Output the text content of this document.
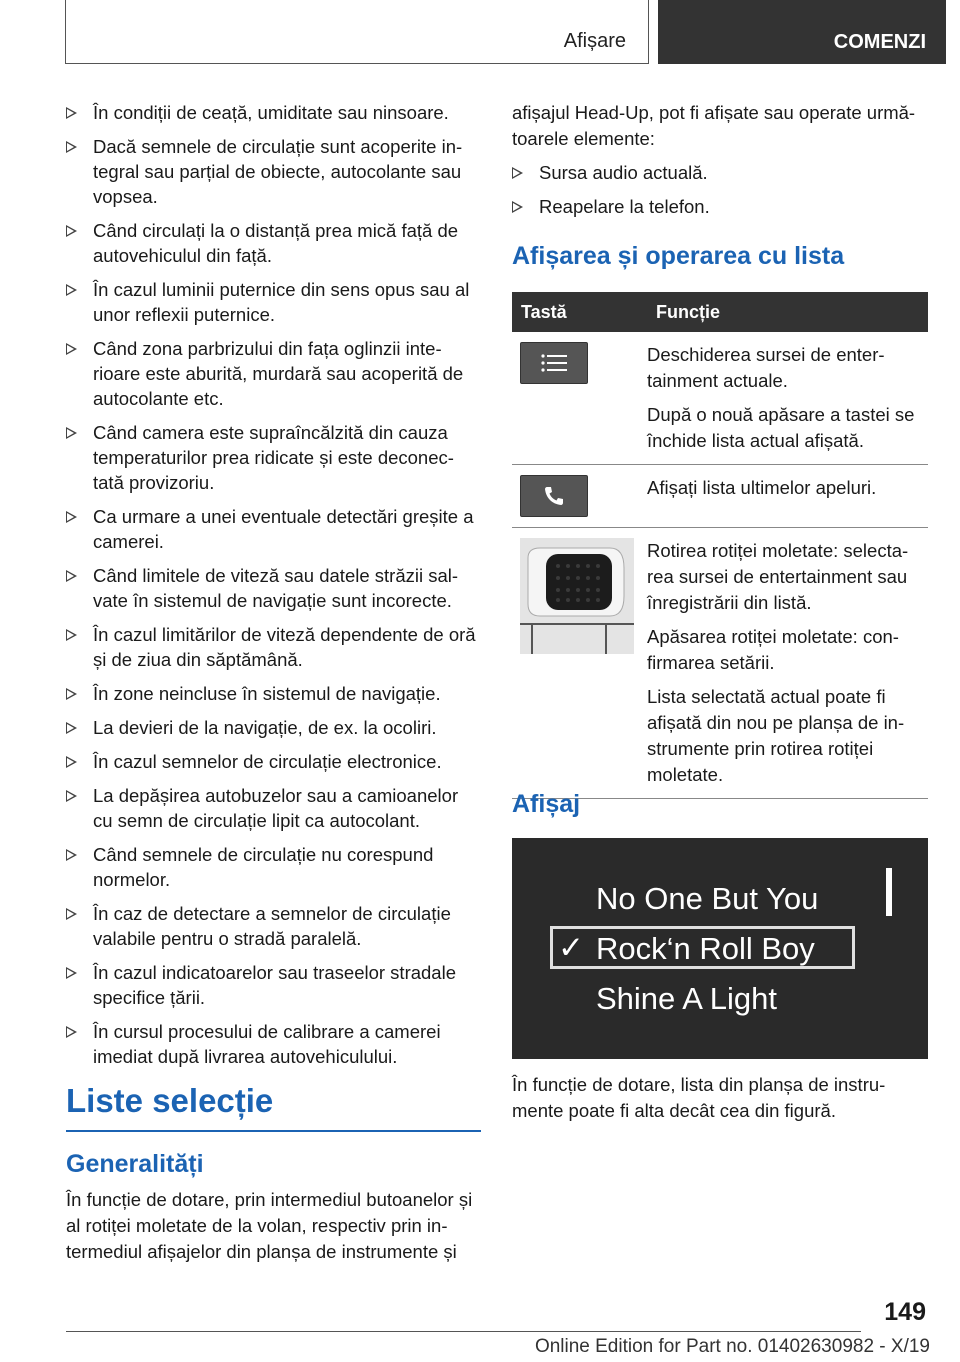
Afișare	COMENZI
În condiții de ceață, umiditate sau ninsoare.
Dacă semnele de circulație sunt acoperite in‐tegral sau parțial de obiecte, autocolante sau vopsea.
Când circulați la o distanță prea mică față de autovehiculul din față.
În cazul luminii puternice din sens opus sau al unor reflexii puternice.
Când zona parbrizului din fața oglinzii inte‐rioare este aburită, murdară sau acoperită de autocolante etc.
Când camera este supraîncălzită din cauza temperaturilor prea ridicate și este deconec‐tată provizoriu.
Ca urmare a unei eventuale detectări greșite a camerei.
Când limitele de viteză sau datele străzii sal‐vate în sistemul de navigație sunt incorecte.
În cazul limitărilor de viteză dependente de oră și de ziua din săptămână.
În zone neincluse în sistemul de navigație.
La devieri de la navigație, de ex. la ocoliri.
În cazul semnelor de circulație electronice.
La depășirea autobuzelor sau a camioanelor cu semn de circulație lipit ca autocolant.
Când semnele de circulație nu corespund normelor.
În caz de detectare a semnelor de circulație valabile pentru o stradă paralelă.
În cazul indicatoarelor sau traseelor stradale specifice țării.
În cursul procesului de calibrare a camerei imediat după livrarea autovehiculului.
Liste selecție
Generalități
În funcție de dotare, prin intermediul butoanelor și al rotiței moletate de la volan, respectiv prin in‐termediul afișajelor din planșa de instrumente și

afișajul Head-Up, pot fi afișate sau operate urmă‐toarele elemente:

Sursa audio actuală.
Reapelare la telefon.
Afișarea și operarea cu lista
Tastă	Funcție

Deschiderea sursei de enter‐tainment actuale.

După o nouă apăsare a tastei se închide lista actual afișată.

Afișați lista ultimelor apeluri.

Rotirea rotiței moletate: selecta‐rea sursei de entertainment sau înregistrării din listă.

Apăsarea rotiței moletate: con‐firmarea setării.

Lista selectată actual poate fi afișată din nou pe planșa de in‐strumente prin rotirea rotiței moletate.

Afișaj
No One But You
✓ Rock‘n Roll Boy
Shine A Light
În funcție de dotare, lista din planșa de instru‐mente poate fi alta decât cea din figură.
149
Online Edition for Part no. 01402630982 - X/19
